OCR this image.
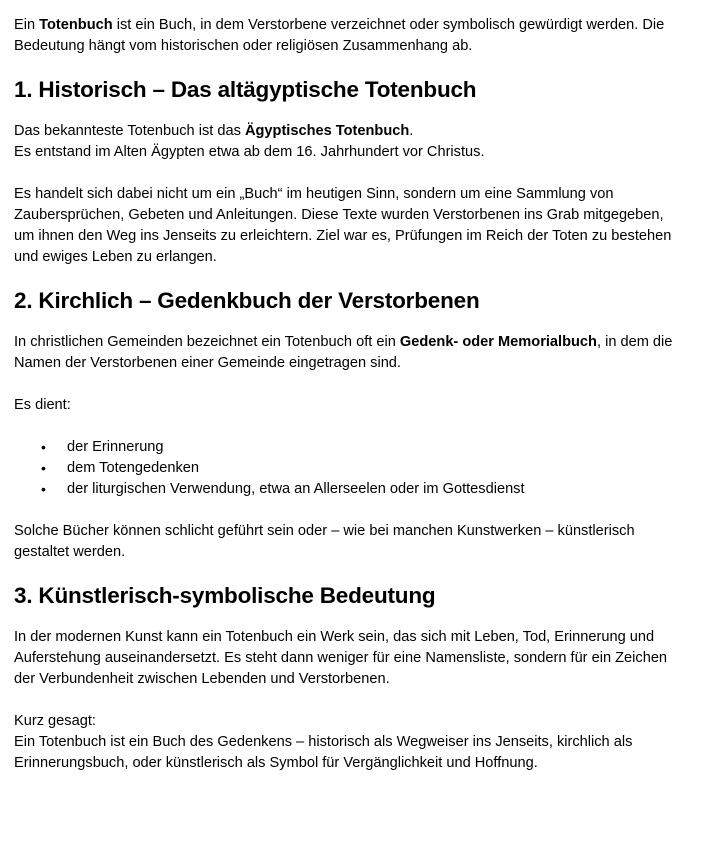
Ein Totenbuch ist ein Buch, in dem Verstorbene verzeichnet oder symbolisch gewürdigt werden. Die Bedeutung hängt vom historischen oder religiösen Zusammenhang ab.

1. Historisch – Das altägyptische Totenbuch

Das bekannteste Totenbuch ist das Ägyptisches Totenbuch.
Es entstand im Alten Ägypten etwa ab dem 16. Jahrhundert vor Christus.

Es handelt sich dabei nicht um ein „Buch“ im heutigen Sinn, sondern um eine Sammlung von Zaubersprüchen, Gebeten und Anleitungen. Diese Texte wurden Verstorbenen ins Grab mitgegeben, um ihnen den Weg ins Jenseits zu erleichtern. Ziel war es, Prüfungen im Reich der Toten zu bestehen und ewiges Leben zu erlangen.

2. Kirchlich – Gedenkbuch der Verstorbenen

In christlichen Gemeinden bezeichnet ein Totenbuch oft ein Gedenk- oder Memorialbuch, in dem die Namen der Verstorbenen einer Gemeinde eingetragen sind.

Es dient:

• der Erinnerung
• dem Totengedenken
• der liturgischen Verwendung, etwa an Allerseelen oder im Gottesdienst

Solche Bücher können schlicht geführt sein oder – wie bei manchen Kunstwerken – künstlerisch gestaltet werden.

3. Künstlerisch-symbolische Bedeutung

In der modernen Kunst kann ein Totenbuch ein Werk sein, das sich mit Leben, Tod, Erinnerung und Auferstehung auseinandersetzt. Es steht dann weniger für eine Namensliste, sondern für ein Zeichen der Verbundenheit zwischen Lebenden und Verstorbenen.

Kurz gesagt:
Ein Totenbuch ist ein Buch des Gedenkens – historisch als Wegweiser ins Jenseits, kirchlich als Erinnerungsbuch, oder künstlerisch als Symbol für Vergänglichkeit und Hoffnung.
